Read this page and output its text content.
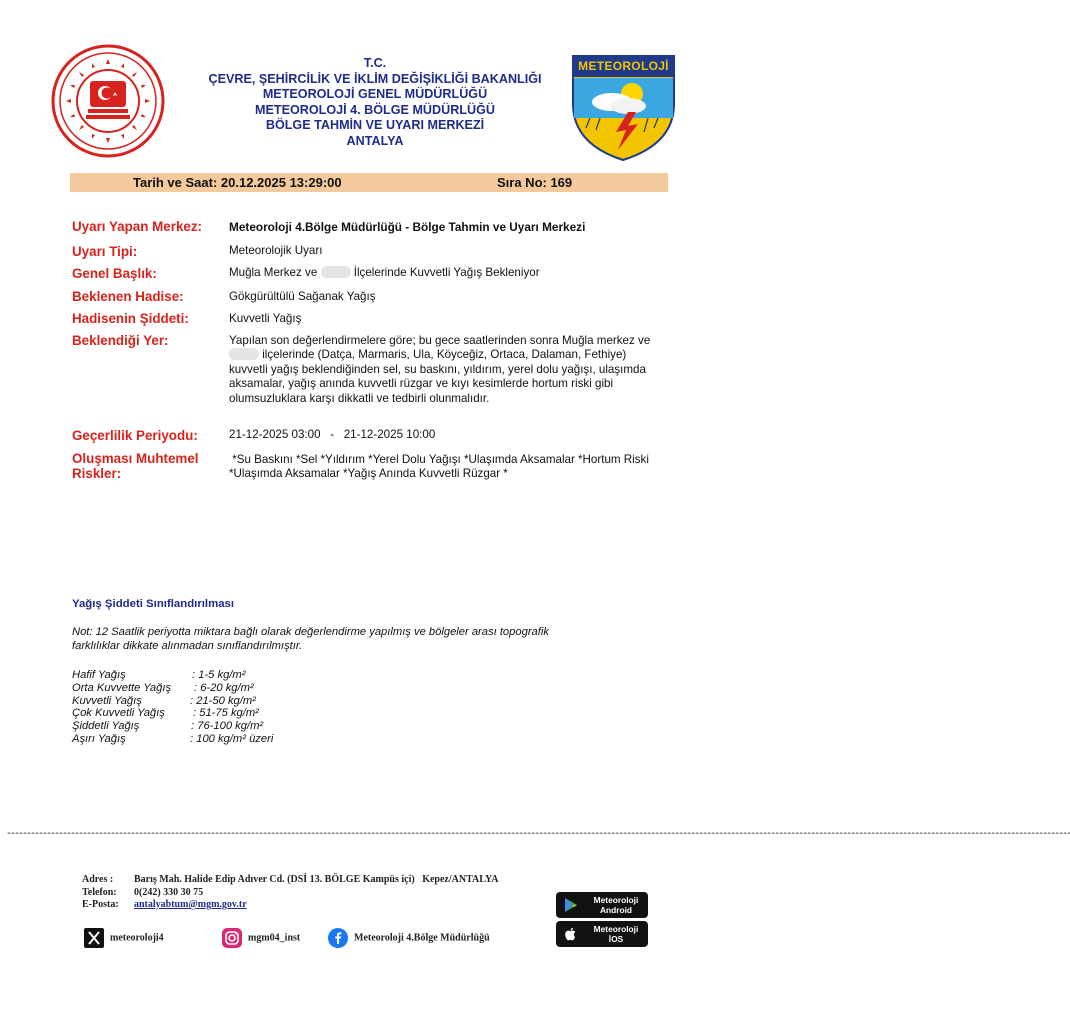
T.C.
ÇEVRE, ŞEHİRCİLİK VE İKLİM DEĞİŞİKLİĞİ BAKANLIĞI
METEOROLOJİ GENEL MÜDÜRLÜĞÜ
METEOROLOJİ 4. BÖLGE MÜDÜRLÜĞÜ
BÖLGE TAHMİN VE UYARI MERKEZİ
ANTALYA
METEOROLOJİ
Tarih ve Saat: 20.12.2025 13:29:00	Sıra No: 169
Uyarı Yapan Merkez: Meteoroloji 4.Bölge Müdürlüğü - Bölge Tahmin ve Uyarı Merkezi
Uyarı Tipi:	Meteorolojik Uyarı
Genel Başlık:	Muğla Merkez ve	İlçelerinde Kuvvetli Yağış Bekleniyor
Beklenen Hadise:	Gökgürültülü Sağanak Yağış
Hadisenin Şiddeti:	Kuvvetli Yağış
Beklendiği Yer:	Yapılan son değerlendirmelere göre; bu gece saatlerinden sonra Muğla merkez ve
ilçelerinde (Datça, Marmaris, Ula, Köyceğiz, Ortaca, Dalaman, Fethiye)
kuvvetli yağış beklendiğinden sel, su baskını, yıldırım, yerel dolu yağışı, ulaşımda
aksamalar, yağış anında kuvvetli rüzgar ve kıyı kesimlerde hortum riski gibi
olumsuzluklara karşı dikkatli ve tedbirli olunmalıdır.
Geçerlilik Periyodu:	21-12-2025 03:00   -   21-12-2025 10:00
Oluşması Muhtemel
Riskler:
*Su Baskını *Sel *Yıldırım *Yerel Dolu Yağışı *Ulaşımda Aksamalar *Hortum Riski
*Ulaşımda Aksamalar *Yağış Anında Kuvvetli Rüzgar *
Yağış Şiddeti Sınıflandırılması
Not: 12 Saatlik periyotta miktara bağlı olarak değerlendirme yapılmış ve bölgeler arası topografik
farklılıklar dikkate alınmadan sınıflandırılmıştır.
Hafif Yağış	: 1-5 kg/m²
Orta Kuvvette Yağış : 6-20 kg/m²
Kuvvetli Yağış	: 21-50 kg/m²
Çok Kuvvetli Yağış	: 51-75 kg/m²
Şiddetli Yağış	: 76-100 kg/m²
Aşırı Yağış	: 100 kg/m² üzeri
--------------------------------------------------------------------------------------------------------------------------------------------------------------------------------------------------------------------------------------------------------------------------
Adres : Barış Mah. Halide Edip Adıver Cd. (DSİ 13. BÖLGE Kampüs içi)   Kepez/ANTALYA
Telefon: 0(242) 330 30 75
E-Posta: antalyabtum@mgm.gov.tr
meteoroloji4	mgm04_inst	Meteoroloji 4.Bölge Müdürlüğü
Meteoroloji
Android
Meteoroloji
İOS
